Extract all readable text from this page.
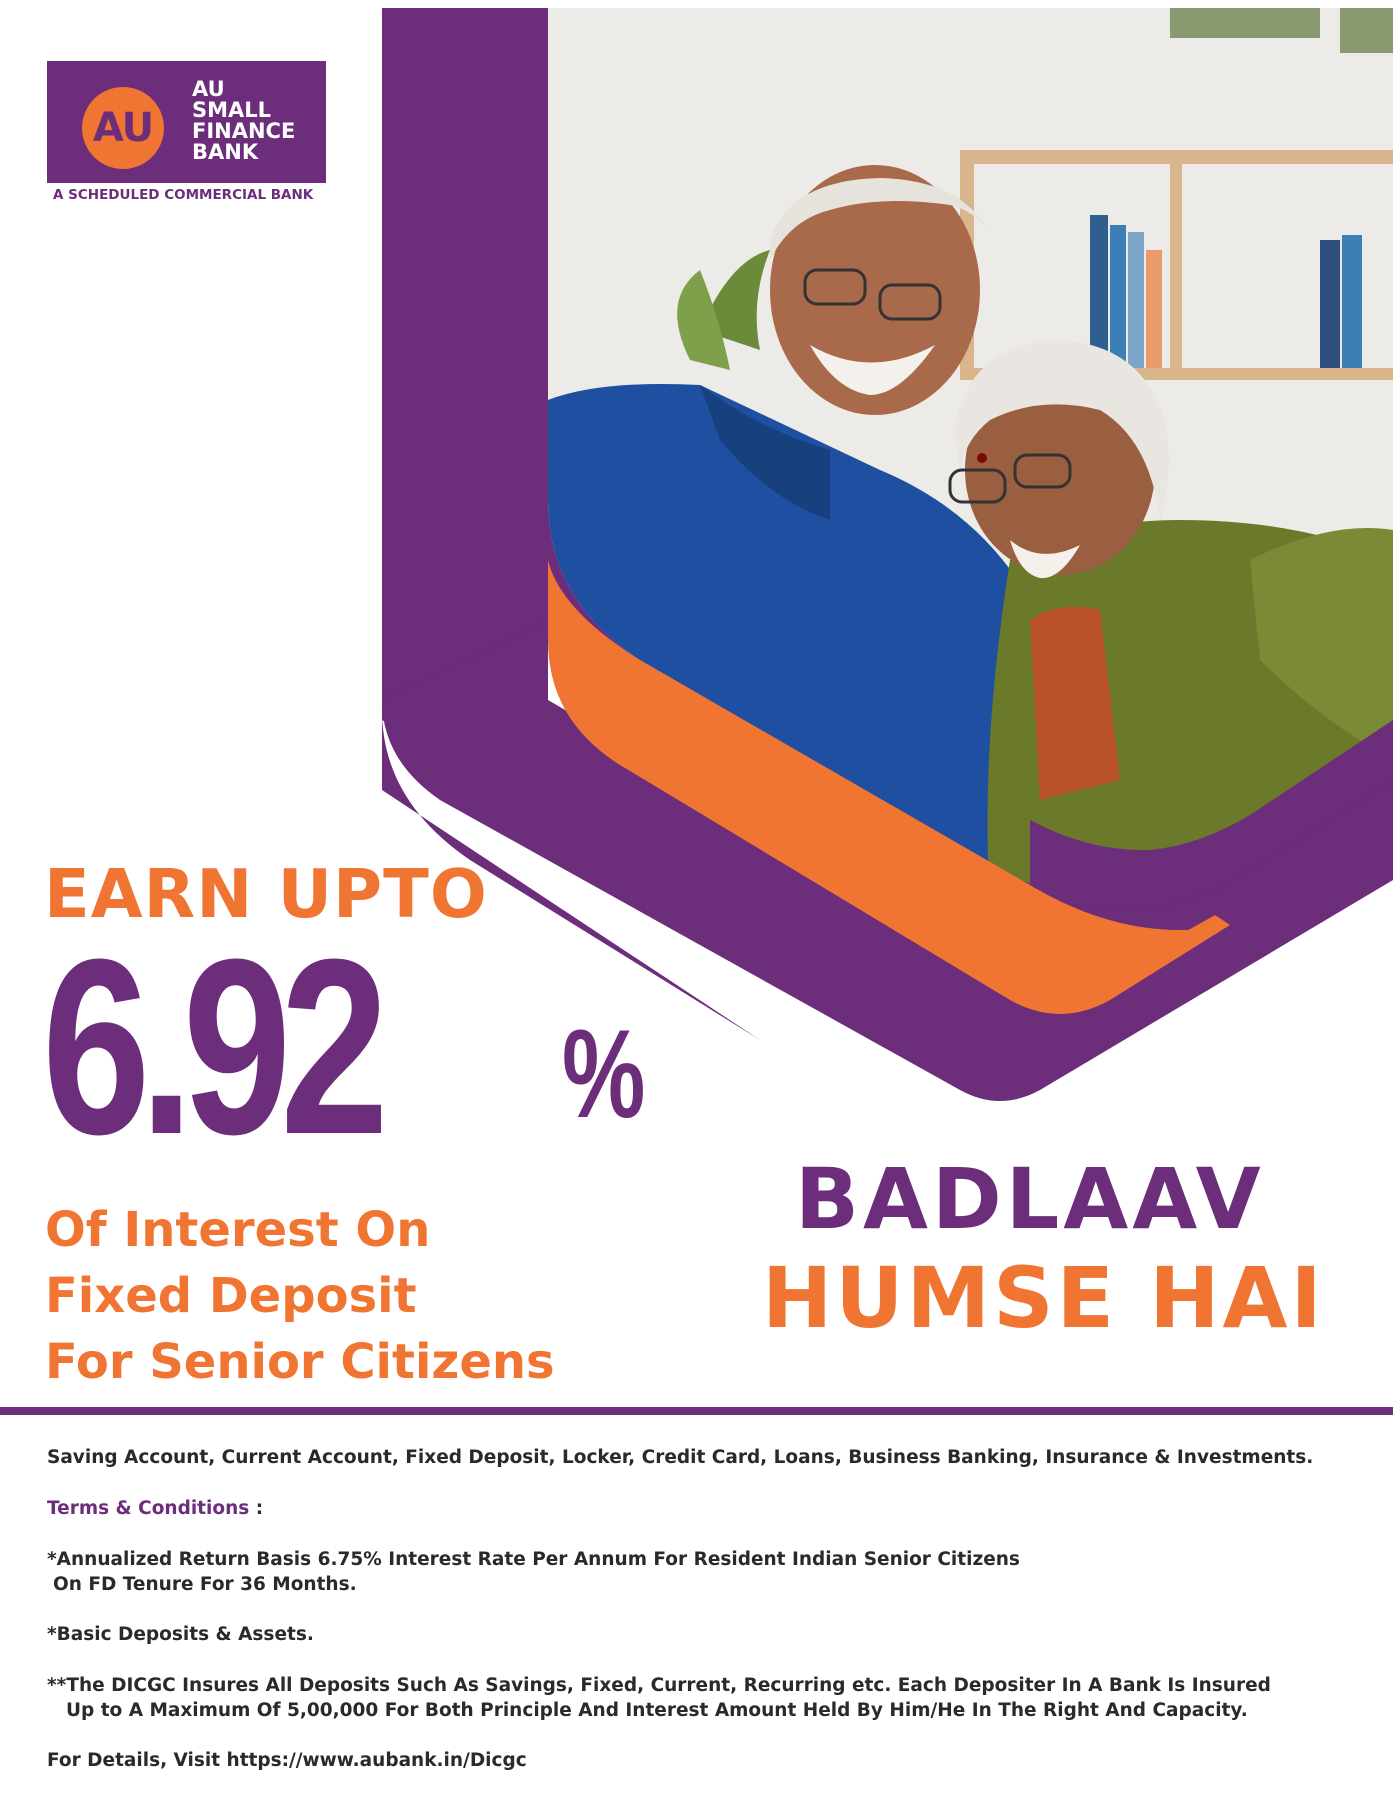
AU
AU
SMALL
FINANCE
BANK
A SCHEDULED COMMERCIAL BANK
EARN UPTO
6.92 %
Of Interest On
Fixed Deposit
For Senior Citizens
BADLAAV
HUMSE HAI
Saving Account, Current Account, Fixed Deposit, Locker, Credit Card, Loans, Business Banking, Insurance & Investments.
Terms & Conditions :
*Annualized Return Basis 6.75% Interest Rate Per Annum For Resident Indian Senior Citizens
On FD Tenure For 36 Months.
*Basic Deposits & Assets.
**The DICGC Insures All Deposits Such As Savings, Fixed, Current, Recurring etc. Each Depositer In A Bank Is Insured
Up to A Maximum Of 5,00,000 For Both Principle And Interest Amount Held By Him/He In The Right And Capacity.
For Details, Visit https://www.aubank.in/Dicgc
